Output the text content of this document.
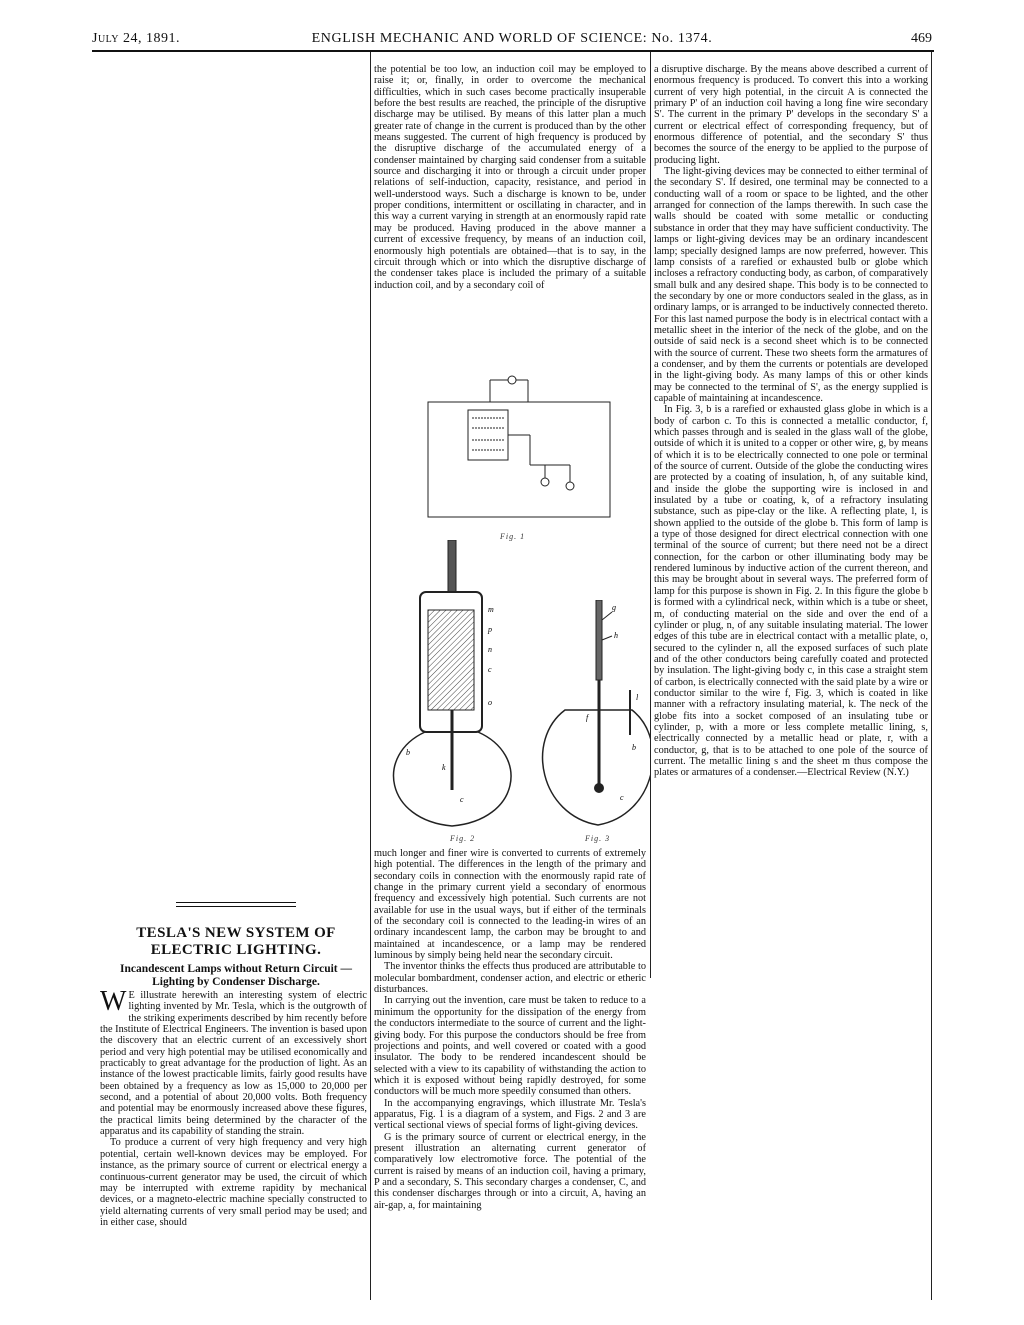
July 24, 1891.	ENGLISH MECHANIC AND WORLD OF SCIENCE: No. 1374.	469
TESLA'S NEW SYSTEM OF ELECTRIC LIGHTING.
Incandescent Lamps without Return Circuit —Lighting by Condenser Discharge.

W E illustrate herewith an interesting system of electric lighting invented by Mr. Tesla, which is the outgrowth of the striking experiments described by him recently before the Institute of Electrical Engineers. The invention is based upon the discovery that an electric current of an excessively short period and very high potential may be utilised economically and practicably to great advantage for the production of light. As an instance of the lowest practicable limits, fairly good results have been obtained by a frequency as low as 15,000 to 20,000 per second, and a potential of about 20,000 volts. Both frequency and potential may be enormously increased above these figures, the practical limits being determined by the character of the apparatus and its capability of standing the strain.

To produce a current of very high frequency and very high potential, certain well-known devices may be employed. For instance, as the primary source of current or electrical energy a continuous-current generator may be used, the circuit of which may be interrupted with extreme rapidity by mechanical devices, or a magneto-electric machine specially constructed to yield alternating currents of very small period may be used; and in either case, should

the potential be too low, an induction coil may be employed to raise it; or, finally, in order to overcome the mechanical difficulties, which in such cases become practically insuperable before the best results are reached, the principle of the disruptive discharge may be utilised. By means of this latter plan a much greater rate of change in the current is produced than by the other means suggested. The current of high frequency is produced by the disruptive discharge of the accumulated energy of a condenser maintained by charging said condenser from a suitable source and discharging it into or through a circuit under proper relations of self-induction, capacity, resistance, and period in well-understood ways. Such a discharge is known to be, under proper conditions, intermittent or oscillating in character, and in this way a current varying in strength at an enormously rapid rate may be produced. Having produced in the above manner a current of excessive frequency, by means of an induction coil, enormously high potentials are obtained—that is to say, in the circuit through which or into which the disruptive discharge of the condenser takes place is included the primary of a suitable induction coil, and by a secondary coil of

Fig. 1
m
p
n
c
o
b
k
c
Fig. 2
g
h
f
l
b
c
Fig. 3

much longer and finer wire is converted to currents of extremely high potential. The differences in the length of the primary and secondary coils in connection with the enormously rapid rate of change in the primary current yield a secondary of enormous frequency and excessively high potential. Such currents are not available for use in the usual ways, but if either of the terminals of the secondary coil is connected to the leading-in wires of an ordinary incandescent lamp, the carbon may be brought to and maintained at incandescence, or a lamp may be rendered luminous by simply being held near the secondary circuit.

The inventor thinks the effects thus produced are attributable to molecular bombardment, condenser action, and electric or etheric disturbances.

In carrying out the invention, care must be taken to reduce to a minimum the opportunity for the dissipation of the energy from the conductors intermediate to the source of current and the light-giving body. For this purpose the conductors should be free from projections and points, and well covered or coated with a good insulator. The body to be rendered incandescent should be selected with a view to its capability of withstanding the action to which it is exposed without being rapidly destroyed, for some conductors will be much more speedily consumed than others.

In the accompanying engravings, which illustrate Mr. Tesla's apparatus, Fig. 1 is a diagram of a system, and Figs. 2 and 3 are vertical sectional views of special forms of light-giving devices.

G is the primary source of current or electrical energy, in the present illustration an alternating current generator of comparatively low electromotive force. The potential of the current is raised by means of an induction coil, having a primary, P and a secondary, S. This secondary charges a condenser, C, and this condenser discharges through or into a circuit, A, having an air-gap, a, for maintaining

a disruptive discharge. By the means above described a current of enormous frequency is produced. To convert this into a working current of very high potential, in the circuit A is connected the primary P' of an induction coil having a long fine wire secondary S'. The current in the primary P' develops in the secondary S' a current or electrical effect of corresponding frequency, but of enormous difference of potential, and the secondary S' thus becomes the source of the energy to be applied to the purpose of producing light.

The light-giving devices may be connected to either terminal of the secondary S'. If desired, one terminal may be connected to a conducting wall of a room or space to be lighted, and the other arranged for connection of the lamps therewith. In such case the walls should be coated with some metallic or conducting substance in order that they may have sufficient conductivity. The lamps or light-giving devices may be an ordinary incandescent lamp; specially designed lamps are now preferred, however. This lamp consists of a rarefied or exhausted bulb or globe which incloses a refractory conducting body, as carbon, of comparatively small bulk and any desired shape. This body is to be connected to the secondary by one or more conductors sealed in the glass, as in ordinary lamps, or is arranged to be inductively connected thereto. For this last named purpose the body is in electrical contact with a metallic sheet in the interior of the neck of the globe, and on the outside of said neck is a second sheet which is to be connected with the source of current. These two sheets form the armatures of a condenser, and by them the currents or potentials are developed in the light-giving body. As many lamps of this or other kinds may be connected to the terminal of S', as the energy supplied is capable of maintaining at incandescence.

In Fig. 3, b is a rarefied or exhausted glass globe in which is a body of carbon c. To this is connected a metallic conductor, f, which passes through and is sealed in the glass wall of the globe, outside of which it is united to a copper or other wire, g, by means of which it is to be electrically connected to one pole or terminal of the source of current. Outside of the globe the conducting wires are protected by a coating of insulation, h, of any suitable kind, and inside the globe the supporting wire is inclosed in and insulated by a tube or coating, k, of a refractory insulating substance, such as pipe-clay or the like. A reflecting plate, l, is shown applied to the outside of the globe b. This form of lamp is a type of those designed for direct electrical connection with one terminal of the source of current; but there need not be a direct connection, for the carbon or other illuminating body may be rendered luminous by inductive action of the current thereon, and this may be brought about in several ways. The preferred form of lamp for this purpose is shown in Fig. 2. In this figure the globe b is formed with a cylindrical neck, within which is a tube or sheet, m, of conducting material on the side and over the end of a cylinder or plug, n, of any suitable insulating material. The lower edges of this tube are in electrical contact with a metallic plate, o, secured to the cylinder n, all the exposed surfaces of such plate and of the other conductors being carefully coated and protected by insulation. The light-giving body c, in this case a straight stem of carbon, is electrically connected with the said plate by a wire or conductor similar to the wire f, Fig. 3, which is coated in like manner with a refractory insulating material, k. The neck of the globe fits into a socket composed of an insulating tube or cylinder, p, with a more or less complete metallic lining, s, electrically connected by a metallic head or plate, r, with a conductor, g, that is to be attached to one pole of the source of current. The metallic lining s and the sheet m thus compose the plates or armatures of a condenser.—Electrical Review (N.Y.)
